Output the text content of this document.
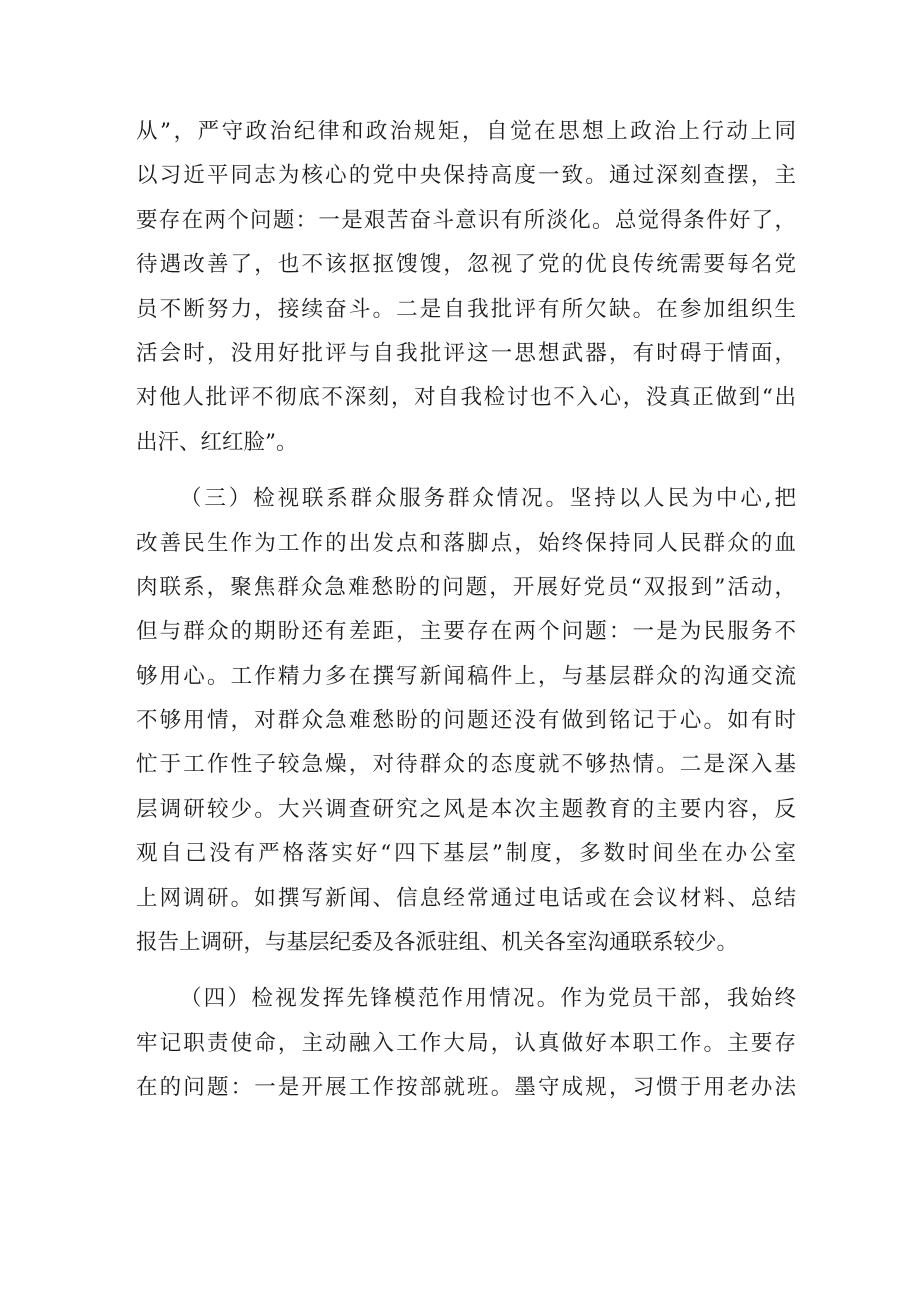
从”，严守政治纪律和政治规矩，自觉在思想上政治上行动上同
以习近平同志为核心的党中央保持高度一致。通过深刻查摆，主
要存在两个问题：一是艰苦奋斗意识有所淡化。总觉得条件好了，
待遇改善了，也不该抠抠馊馊，忽视了党的优良传统需要每名党
员不断努力，接续奋斗。二是自我批评有所欠缺。在参加组织生
活会时，没用好批评与自我批评这一思想武器，有时碍于情面，
对他人批评不彻底不深刻，对自我检讨也不入心，没真正做到“出
出汗、红红脸”。
（三）检视联系群众服务群众情况。坚持以人民为中心,把
改善民生作为工作的出发点和落脚点，始终保持同人民群众的血
肉联系，聚焦群众急难愁盼的问题，开展好党员“双报到”活动，
但与群众的期盼还有差距，主要存在两个问题：一是为民服务不
够用心。工作精力多在撰写新闻稿件上，与基层群众的沟通交流
不够用情，对群众急难愁盼的问题还没有做到铭记于心。如有时
忙于工作性子较急燥，对待群众的态度就不够热情。二是深入基
层调研较少。大兴调查研究之风是本次主题教育的主要内容，反
观自己没有严格落实好“四下基层”制度，多数时间坐在办公室
上网调研。如撰写新闻、信息经常通过电话或在会议材料、总结
报告上调研，与基层纪委及各派驻组、机关各室沟通联系较少。
（四）检视发挥先锋模范作用情况。作为党员干部，我始终
牢记职责使命，主动融入工作大局，认真做好本职工作。主要存
在的问题：一是开展工作按部就班。墨守成规，习惯于用老办法
